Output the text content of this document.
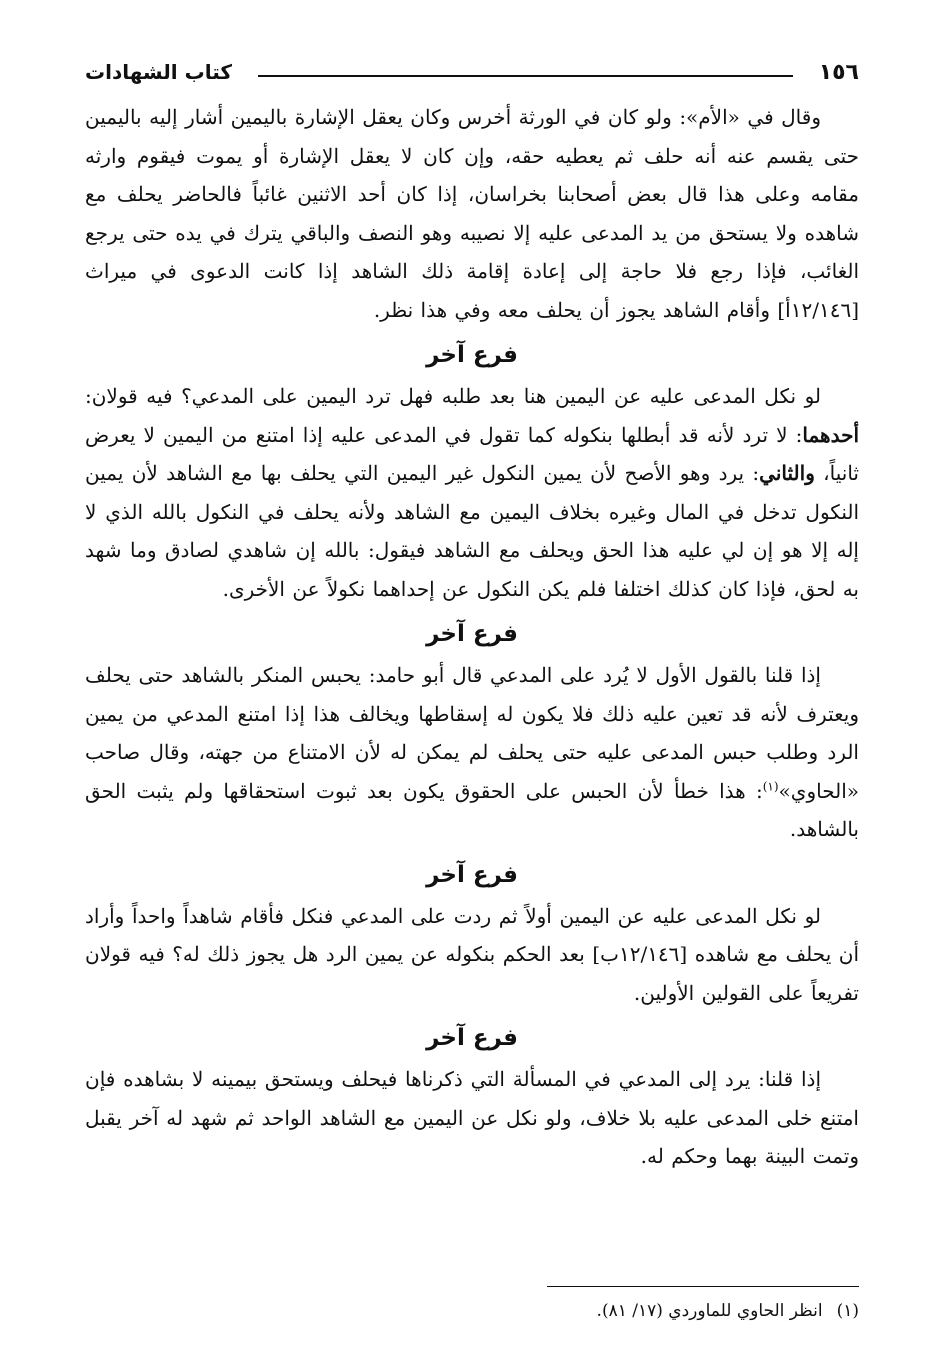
١٥٦
كتاب الشهادات

وقال في «الأم»: ولو كان في الورثة أخرس وكان يعقل الإشارة باليمين أشار إليه باليمين حتى يقسم عنه أنه حلف ثم يعطيه حقه، وإن كان لا يعقل الإشارة أو يموت فيقوم وارثه مقامه وعلى هذا قال بعض أصحابنا بخراسان، إذا كان أحد الاثنين غائباً فالحاضر يحلف مع شاهده ولا يستحق من يد المدعى عليه إلا نصيبه وهو النصف والباقي يترك في يده حتى يرجع الغائب، فإذا رجع فلا حاجة إلى إعادة إقامة ذلك الشاهد إذا كانت الدعوى في ميراث [١٢/١٤٦أ] وأقام الشاهد يجوز أن يحلف معه وفي هذا نظر.

فرع آخر

لو نكل المدعى عليه عن اليمين هنا بعد طلبه فهل ترد اليمين على المدعي؟ فيه قولان: أحدهما: لا ترد لأنه قد أبطلها بنكوله كما تقول في المدعى عليه إذا امتنع من اليمين لا يعرض ثانياً، والثاني: يرد وهو الأصح لأن يمين النكول غير اليمين التي يحلف بها مع الشاهد لأن يمين النكول تدخل في المال وغيره بخلاف اليمين مع الشاهد ولأنه يحلف في النكول بالله الذي لا إله إلا هو إن لي عليه هذا الحق ويحلف مع الشاهد فيقول: بالله إن شاهدي لصادق وما شهد به لحق، فإذا كان كذلك اختلفا فلم يكن النكول عن إحداهما نكولاً عن الأخرى.

فرع آخر

إذا قلنا بالقول الأول لا يُرد على المدعي قال أبو حامد: يحبس المنكر بالشاهد حتى يحلف ويعترف لأنه قد تعين عليه ذلك فلا يكون له إسقاطها ويخالف هذا إذا امتنع المدعي من يمين الرد وطلب حبس المدعى عليه حتى يحلف لم يمكن له لأن الامتناع من جهته، وقال صاحب «الحاوي»$^{(١)}$: هذا خطأ لأن الحبس على الحقوق يكون بعد ثبوت استحقاقها ولم يثبت الحق بالشاهد.

فرع آخر

لو نكل المدعى عليه عن اليمين أولاً ثم ردت على المدعي فنكل فأقام شاهداً واحداً وأراد أن يحلف مع شاهده [١٢/١٤٦ب] بعد الحكم بنكوله عن يمين الرد هل يجوز ذلك له؟ فيه قولان تفريعاً على القولين الأولين.

فرع آخر

إذا قلنا: يرد إلى المدعي في المسألة التي ذكرناها فيحلف ويستحق بيمينه لا بشاهده فإن امتنع خلى المدعى عليه بلا خلاف، ولو نكل عن اليمين مع الشاهد الواحد ثم شهد له آخر يقبل وتمت البينة بهما وحكم له.

(١)انظر الحاوي للماوردي (١٧/ ٨١).
